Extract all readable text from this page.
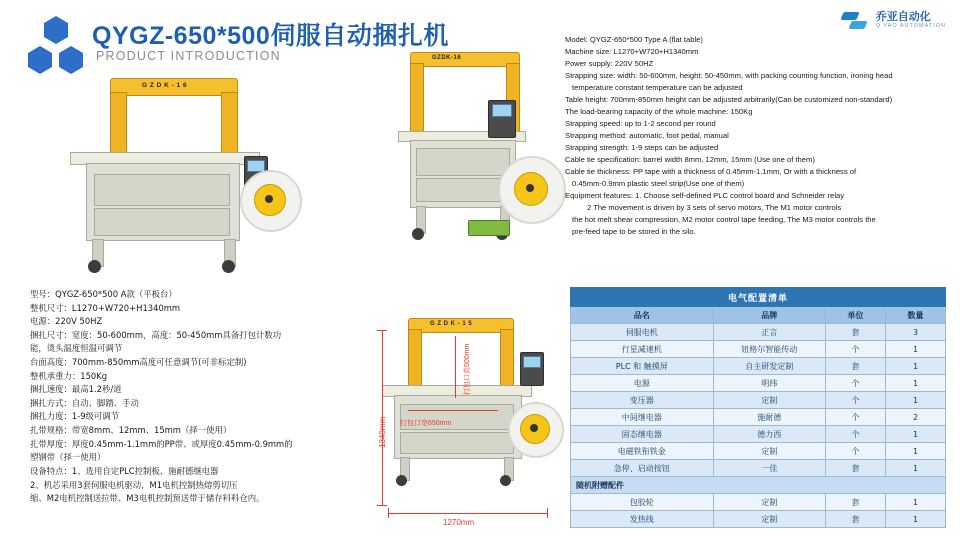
QYGZ-650*500伺服自动捆扎机
PRODUCT INTRODUCTION
乔亚自动化
Q YAO AUTOMATION
G Z D K - 1 6
GZDK-16
G Z D K - 1 5
1270mm
1340mm 打包口宽650mm
打包口高500mm
型号：QYGZ-650*500 A款（平板台）
整机尺寸：L1270+W720+H1340mm
电源：220V 50HZ
捆扎尺寸：宽度：50-600mm，高度：50-450mm具备打包计数功
能，烫头温度恒温可调节
台面高度：700mm-850mm高度可任意调节(可非标定制)
整机承重力：150Kg
捆扎速度：最高1.2秒/道
捆扎方式：自动、脚踏、手动
捆扎力度：1-9级可调节
扎带规格：带宽8mm、12mm、15mm（择一使用）
扎带厚度：厚度0.45mm-1.1mm的PP带、或厚度0.45mm-0.9mm的
塑钢带（择一使用）
设备特点：1、选用自定PLC控制板、施耐德继电器
2、机芯采用3套伺服电机驱动，M1电机控制热熔剪切压
缩、M2电机控制送拉带、M3电机控制预送带于储存料料仓内。
Model: QYGZ-650*500 Type A (flat table)
Machine size: L1270+W720+H1340mm
Power supply: 220V 50HZ
Strapping size: width: 50-600mm, height: 50-450mm, with packing counting function, ironing head
temperature constant temperature can be adjusted
Table height: 700mm-850mm height can be adjusted arbitrarily(Can be customized non-standard)
The load-bearing capacity of the whole machine: 150Kg
Strapping speed: up to 1-2 second per round
Strapping method: automatic, foot pedal, manual
Strapping strength: 1-9 steps can be adjusted
Cable tie specification: barrel width 8mm, 12mm, 15mm (Use one of them)
Cable tie thickness: PP tape with a thickness of 0.45mm-1.1mm, Or with a thickness of
0.45mm-0.9mm plastic steel strip(Use one of them)
Equipment features: 1. Choose self-defined PLC control board and Schneider relay
2 The movement is driven by 3 sets of servo motors, The M1 motor controls
the hot melt shear compression, M2 motor control tape feeding, The M3 motor controls the
pre-feed tape to be stored in the silo.
电气配置清单			
品名	品牌	单位	数量
伺服电机	正言	套	3
行星减速机	钮格尔智能传动	个	1
PLC 和 触摸屏	自主研发定制	套	1
电源	明纬	个	1
变压器	定制	个	1
中间继电器	施耐德	个	2
固态继电器	德力西	个	1
电磁铁衔铁金	定制	个	1
急停、启动按钮	一佳	套	1
随机附赠配件			
包胶轮	定制	套	1
发热线	定制	套	1
